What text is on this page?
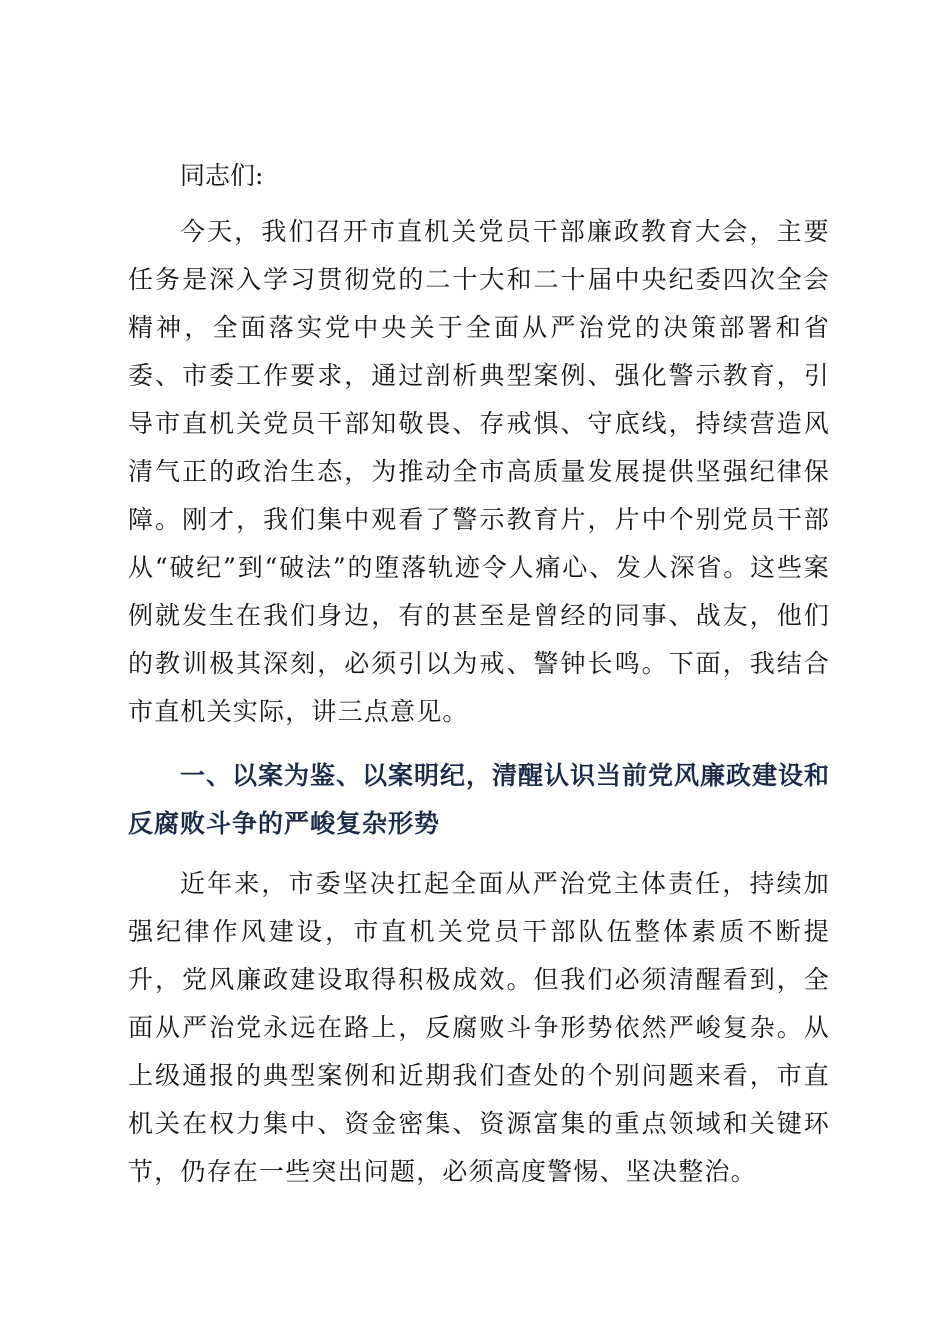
同志们:

今天，我们召开市直机关党员干部廉政教育大会，主要任务是深入学习贯彻党的二十大和二十届中央纪委四次全会精神，全面落实党中央关于全面从严治党的决策部署和省委、市委工作要求，通过剖析典型案例、强化警示教育，引导市直机关党员干部知敬畏、存戒惧、守底线，持续营造风清气正的政治生态，为推动全市高质量发展提供坚强纪律保障。刚才，我们集中观看了警示教育片，片中个别党员干部从“破纪”到“破法”的堕落轨迹令人痛心、发人深省。这些案例就发生在我们身边，有的甚至是曾经的同事、战友，他们的教训极其深刻，必须引以为戒、警钟长鸣。下面，我结合市直机关实际，讲三点意见。

一、以案为鉴、以案明纪，清醒认识当前党风廉政建设和反腐败斗争的严峻复杂形势

近年来，市委坚决扛起全面从严治党主体责任，持续加强纪律作风建设，市直机关党员干部队伍整体素质不断提升，党风廉政建设取得积极成效。但我们必须清醒看到，全面从严治党永远在路上，反腐败斗争形势依然严峻复杂。从上级通报的典型案例和近期我们查处的个别问题来看，市直机关在权力集中、资金密集、资源富集的重点领域和关键环节，仍存在一些突出问题，必须高度警惕、坚决整治。
